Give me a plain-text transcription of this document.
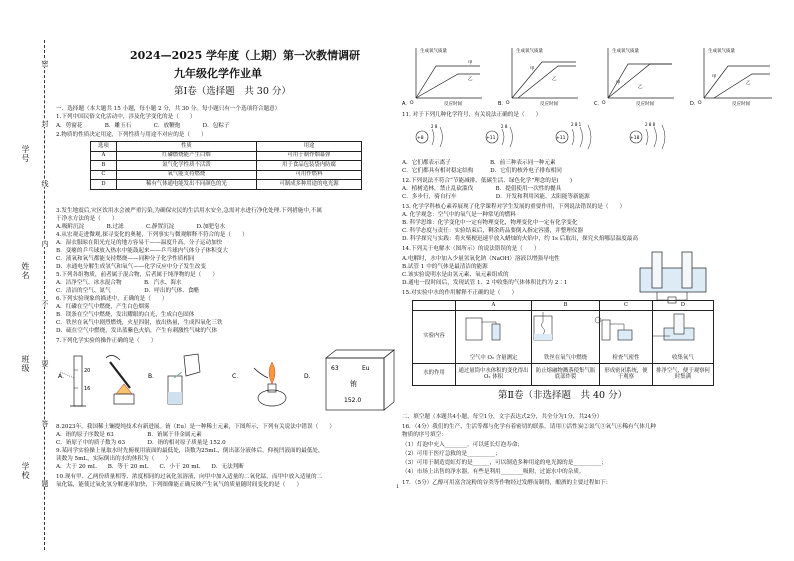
学号
姓名
班级
学校
密
封
线
内
不
要
答
题
2024—2025 学年度（上期）第一次教情调研
九年级化学作业单
第Ⅰ卷（选择题　共 30 分）
一、选择题（本大题共 15 小题，每小题 2 分，共 30 分。每小题只有一个选项符合题意）
1.下列中国民俗文化活动中，涉及化学变化的是（　　）
A．剪窗花　　　　B．雕玉石　　　　C．放鞭炮　　　　D．包粽子
2.物质的性质决定用途，下列性质与用途不对应的是（　　）
选项	性质	用途
A	红磷燃烧能产生白烟	可用于制作烟幕弹
B	氮气化学性质不活泼	用于食品包装袋内防腐
C	氧气能支持燃烧	可用作燃料
D	稀有气体通电能发出不同颜色的光	可制成多种用途的电光源
3.发生地震后,灾区饮用水会被严重污染,为确保灾民的生活用水安全,急需对水进行净化处理.下列措施中,不属
于净水方法的是（　　）
A.吸附沉淀　　　　B.过滤　　　　C.静置沉淀　　　　D.加肥皂水
4.从宏观走进微观,探寻变化的奥秘，下列事实与微观解释不符合的是（　　）
A．湿衣服晾在阳光充足的地方容易干——温度升高，分子运动加快
B．变瘪的乒乓球放入热水中能鼓起来——乒乓球内气体分子体积变大
C．液氧和氧气都能支持燃烧——同种分子化学性质相同
D．水通电分解生成氢气和氧气——化学反应中分子发生改变
5.下列各组物质，前者属于混合物，后者属于纯净物的是（　　）
A．洁净空气、冰水混合物　　　　B．汽水、海水
C．清洁的空气、氮气　　　　　　D．呼出的气体、食醋
6.下列实验现象的描述中，正确的是（　　）
A．红磷在空气中燃烧，产生白色烟雾
B．镁条在空气中燃烧，发出耀眼的白光，生成白色固体
C．铁丝在氧气中剧烈燃烧，火星四射，放出热量，生成四氧化三铁
D．硫在空气中燃烧，发出蓝紫色火焰，产生有刺激性气味的气体
7.下列化学实验的操作正确的是（　　）
A．
20
16
B．	C．	D．
63	Eu
铕
152.0
8.2023年，我国稀土镧提纯技术有新进展。铕（Eu）是一种稀土元素，下图所示，下列有关说法中错误（　　）
A．铕的原子序数是 63　　　　　　B．铕属于非金属元素
C．铕原子中的质子数为 63　　　　D．铕的相对原子质量是 152.0
9.某同学实验操上量取水时先俯视用液面的最低处，读数为25mL，倒出部分液体后，仰视凹液面的最低处，
读数为 5mL，实际倒出的水的体积为（　　）
A．大于 20 mL　　B．等于 20 mL　　C．小于 20 mL　　D．无法判断
10.现有甲、乙两份质量相等、浓度相同的过氧化氢溶液，向甲中加入适量的二氧化锰，而甲中放入适量的二
氧化锰，能使过氧化氢分解速率加快，下列图像能正确反映产生氧气的质量随时间变化的是（　　）
生成氧气质量
反应时间
甲
乙
O
A．
生成氧气质量
反应时间
甲
乙
O
B．
生成氧气质量
反应时间
甲
乙
O
C．
生成氧气质量
反应时间
甲
乙
O
D．
11. 对于下列几种化学符号，有关说法正确的是（　　）
+8
2 8
+11
2 8
+11
2 8 1
+18
2 8 8
A．它们都表示离子　　　　　　　B．前三种表示同一种元素
C．它们都具有相对稳定结构　　　D．它们的核外电子排布相同
12.下列说法不符合“节能减排、低碳生活、绿色化学”理念的是(　　)
A．植树造林，禁止乱砍滥伐　　　　B．提倡使用一次性的餐具
C．多步行，骑自行车　　　　　　　D．开发和利用风能、太阳能等新能源
13. 化学学科核心素养展现了化学课程对学生发展的重要作用，下列说法错误的是（　　）
A. 化学观念：空气中的氧气是一种常见的燃料
B. 科学思维：化学变化中一定有物理变化，物理变化中一定有化学变化
C. 科学态度与责任：实验结束后，剩余药品要倒入指定容器，并整理仪器
D. 科学探究与实践：将火柴梗迅速平放入蜡烛的火焰中，约 1s 后取出，探究火焰哪层温度最高
14.下列关于电解水（图所示）的说法错误的是（　　）
A.电解时，水中加入少量氢氧化钠（NaOH）溶液以增强导电性
B.试管 1 中的气体是最清洁的能源
C.该实验说明水是由氢元素、氧元素组成的
D.通电一段时间后，发现试管 1、2 中收集的气体体积比约为 2∶1
15.对实验中水的作用解释不正确的是（　　）
	A	B	C	D
实验内容	空气中 O₂ 含量测定	铁丝在氧气中燃烧	检查气密性	收集氧气
水的作用	通过量筒中水体积的变化得出 O₂ 体积	防止熔融物溅落使集气瓶底部炸裂	形成密闭系统，便于观察	排净空气，便于观察何时集满
第Ⅱ卷（非选择题　共 40 分）
二、填空题（本题共4小题，每空1分，文字表达式2分，共全分为1分，共24分）
16．（4分）我们的生产、生活等都与化学有着密切的联系。请用①活性炭②氮气③氧气④稀有气体几种
物质的序号填空：
（1）灯泡中充入________，可以延长灯泡寿命；
（2）可用于医疗急救的是__________；
（3）可用于制造霓虹灯的是______，可以制造多种用途的电光源的是__________；
（4）市场上出售的净水器，有些是利用________吸附，过滤水中的杂质。
17．（5分）乙醇可用富含淀粉的谷类等作物经过发酵而制得，酿酒的主要过程如下：
1
